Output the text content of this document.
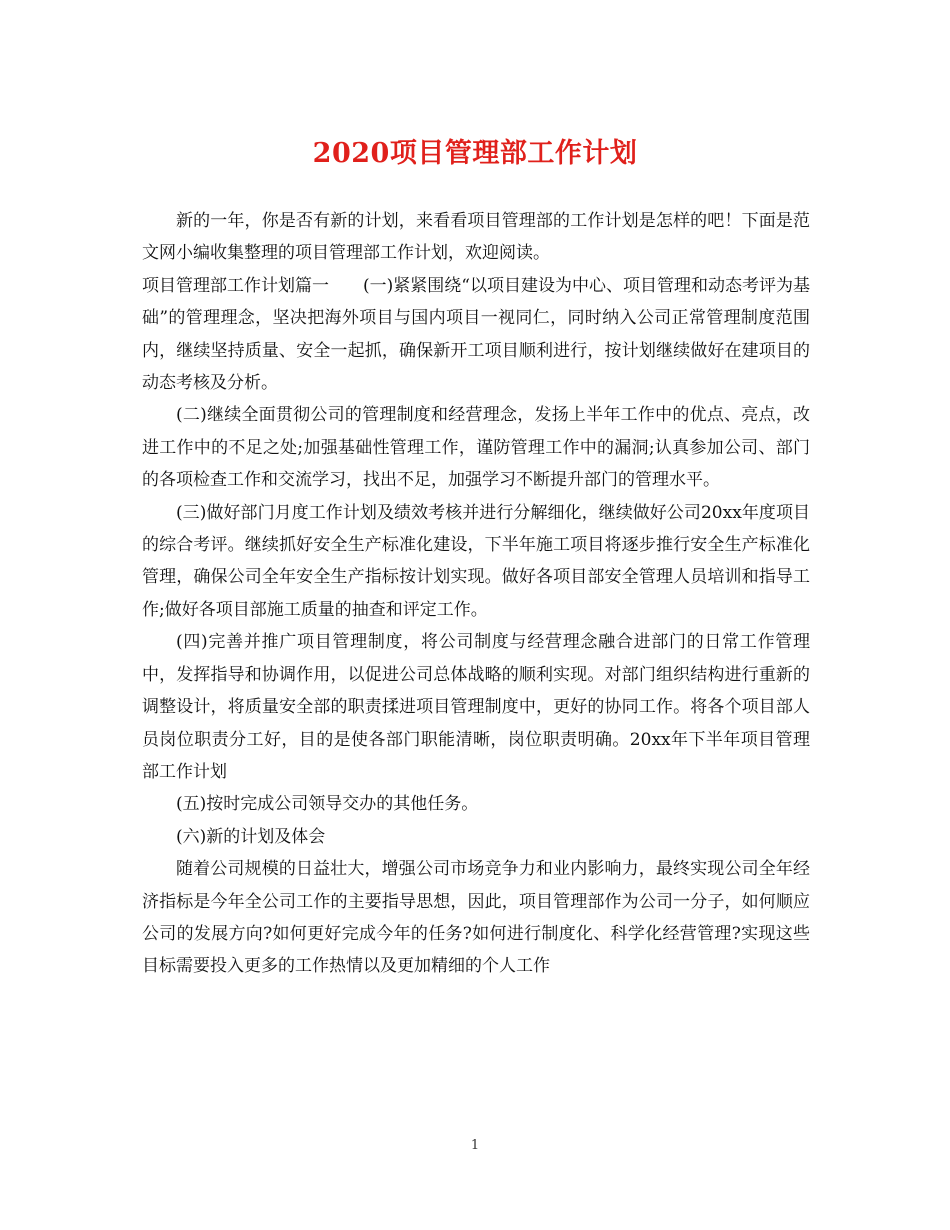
2020项目管理部工作计划

新的一年，你是否有新的计划，来看看项目管理部的工作计划是怎样的吧！下面是范文网小编收集整理的项目管理部工作计划，欢迎阅读。

项目管理部工作计划篇一　　(一)紧紧围绕“以项目建设为中心、项目管理和动态考评为基础”的管理理念，坚决把海外项目与国内项目一视同仁，同时纳入公司正常管理制度范围内，继续坚持质量、安全一起抓，确保新开工项目顺利进行，按计划继续做好在建项目的动态考核及分析。

(二)继续全面贯彻公司的管理制度和经营理念，发扬上半年工作中的优点、亮点，改进工作中的不足之处;加强基础性管理工作，谨防管理工作中的漏洞;认真参加公司、部门的各项检查工作和交流学习，找出不足，加强学习不断提升部门的管理水平。

(三)做好部门月度工作计划及绩效考核并进行分解细化，继续做好公司20xx年度项目的综合考评。继续抓好安全生产标准化建设，下半年施工项目将逐步推行安全生产标准化管理，确保公司全年安全生产指标按计划实现。做好各项目部安全管理人员培训和指导工作;做好各项目部施工质量的抽查和评定工作。

(四)完善并推广项目管理制度，将公司制度与经营理念融合进部门的日常工作管理中，发挥指导和协调作用，以促进公司总体战略的顺利实现。对部门组织结构进行重新的调整设计，将质量安全部的职责揉进项目管理制度中，更好的协同工作。将各个项目部人员岗位职责分工好，目的是使各部门职能清晰，岗位职责明确。20xx年下半年项目管理部工作计划

(五)按时完成公司领导交办的其他任务。

(六)新的计划及体会

随着公司规模的日益壮大，增强公司市场竞争力和业内影响力，最终实现公司全年经济指标是今年全公司工作的主要指导思想，因此，项目管理部作为公司一分子，如何顺应公司的发展方向?如何更好完成今年的任务?如何进行制度化、科学化经营管理?实现这些目标需要投入更多的工作热情以及更加精细的个人工作

1
